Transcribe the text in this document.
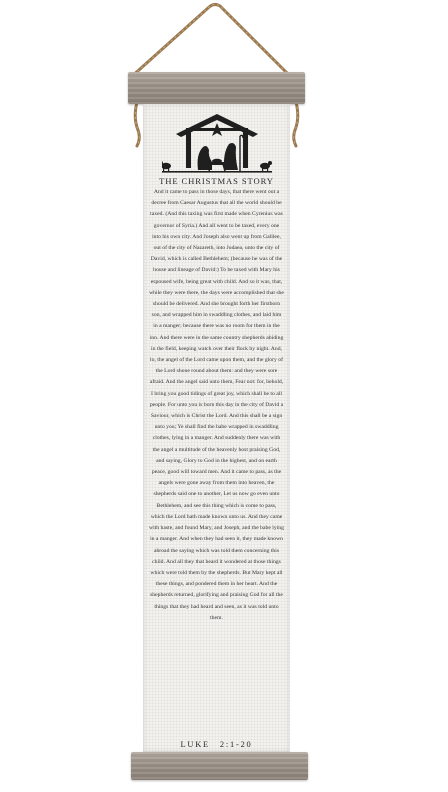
THE CHRISTMAS STORY

And it came to pass in those days, that there went out a decree from Caesar Augustus that all the world should be taxed. (And this taxing was first made when Cyrenius was governor of Syria.) And all went to be taxed, every one into his own city. And Joseph also went up from Galilee, out of the city of Nazareth, into Judaea, unto the city of David, which is called Bethlehem; (because he was of the house and lineage of David:) To be taxed with Mary his espoused wife, being great with child. And so it was, that, while they were there, the days were accomplished that she should be delivered. And she brought forth her firstborn son, and wrapped him in swaddling clothes, and laid him in a manger; because there was no room for them in the inn. And there were in the same country shepherds abiding in the field, keeping watch over their flock by night. And, lo, the angel of the Lord came upon them, and the glory of the Lord shone round about them: and they were sore afraid. And the angel said unto them, Fear not: for, behold, I bring you good tidings of great joy, which shall be to all people. For unto you is born this day in the city of David a Saviour, which is Christ the Lord. And this shall be a sign unto you; Ye shall find the babe wrapped in swaddling clothes, lying in a manger. And suddenly there was with the angel a multitude of the heavenly host praising God, and saying, Glory to God in the highest, and on earth peace, good will toward men. And it came to pass, as the angels were gone away from them into heaven, the shepherds said one to another, Let us now go even unto Bethlehem, and see this thing which is come to pass, which the Lord hath made known unto us. And they came with haste, and found Mary, and Joseph, and the babe lying in a manger. And when they had seen it, they made known abroad the saying which was told them concerning this child. And all they that heard it wondered at those things which were told them by the shepherds. But Mary kept all these things, and pondered them in her heart. And the shepherds returned, glorifying and praising God for all the things that they had heard and seen, as it was told unto them.

LUKE 2:1-20
